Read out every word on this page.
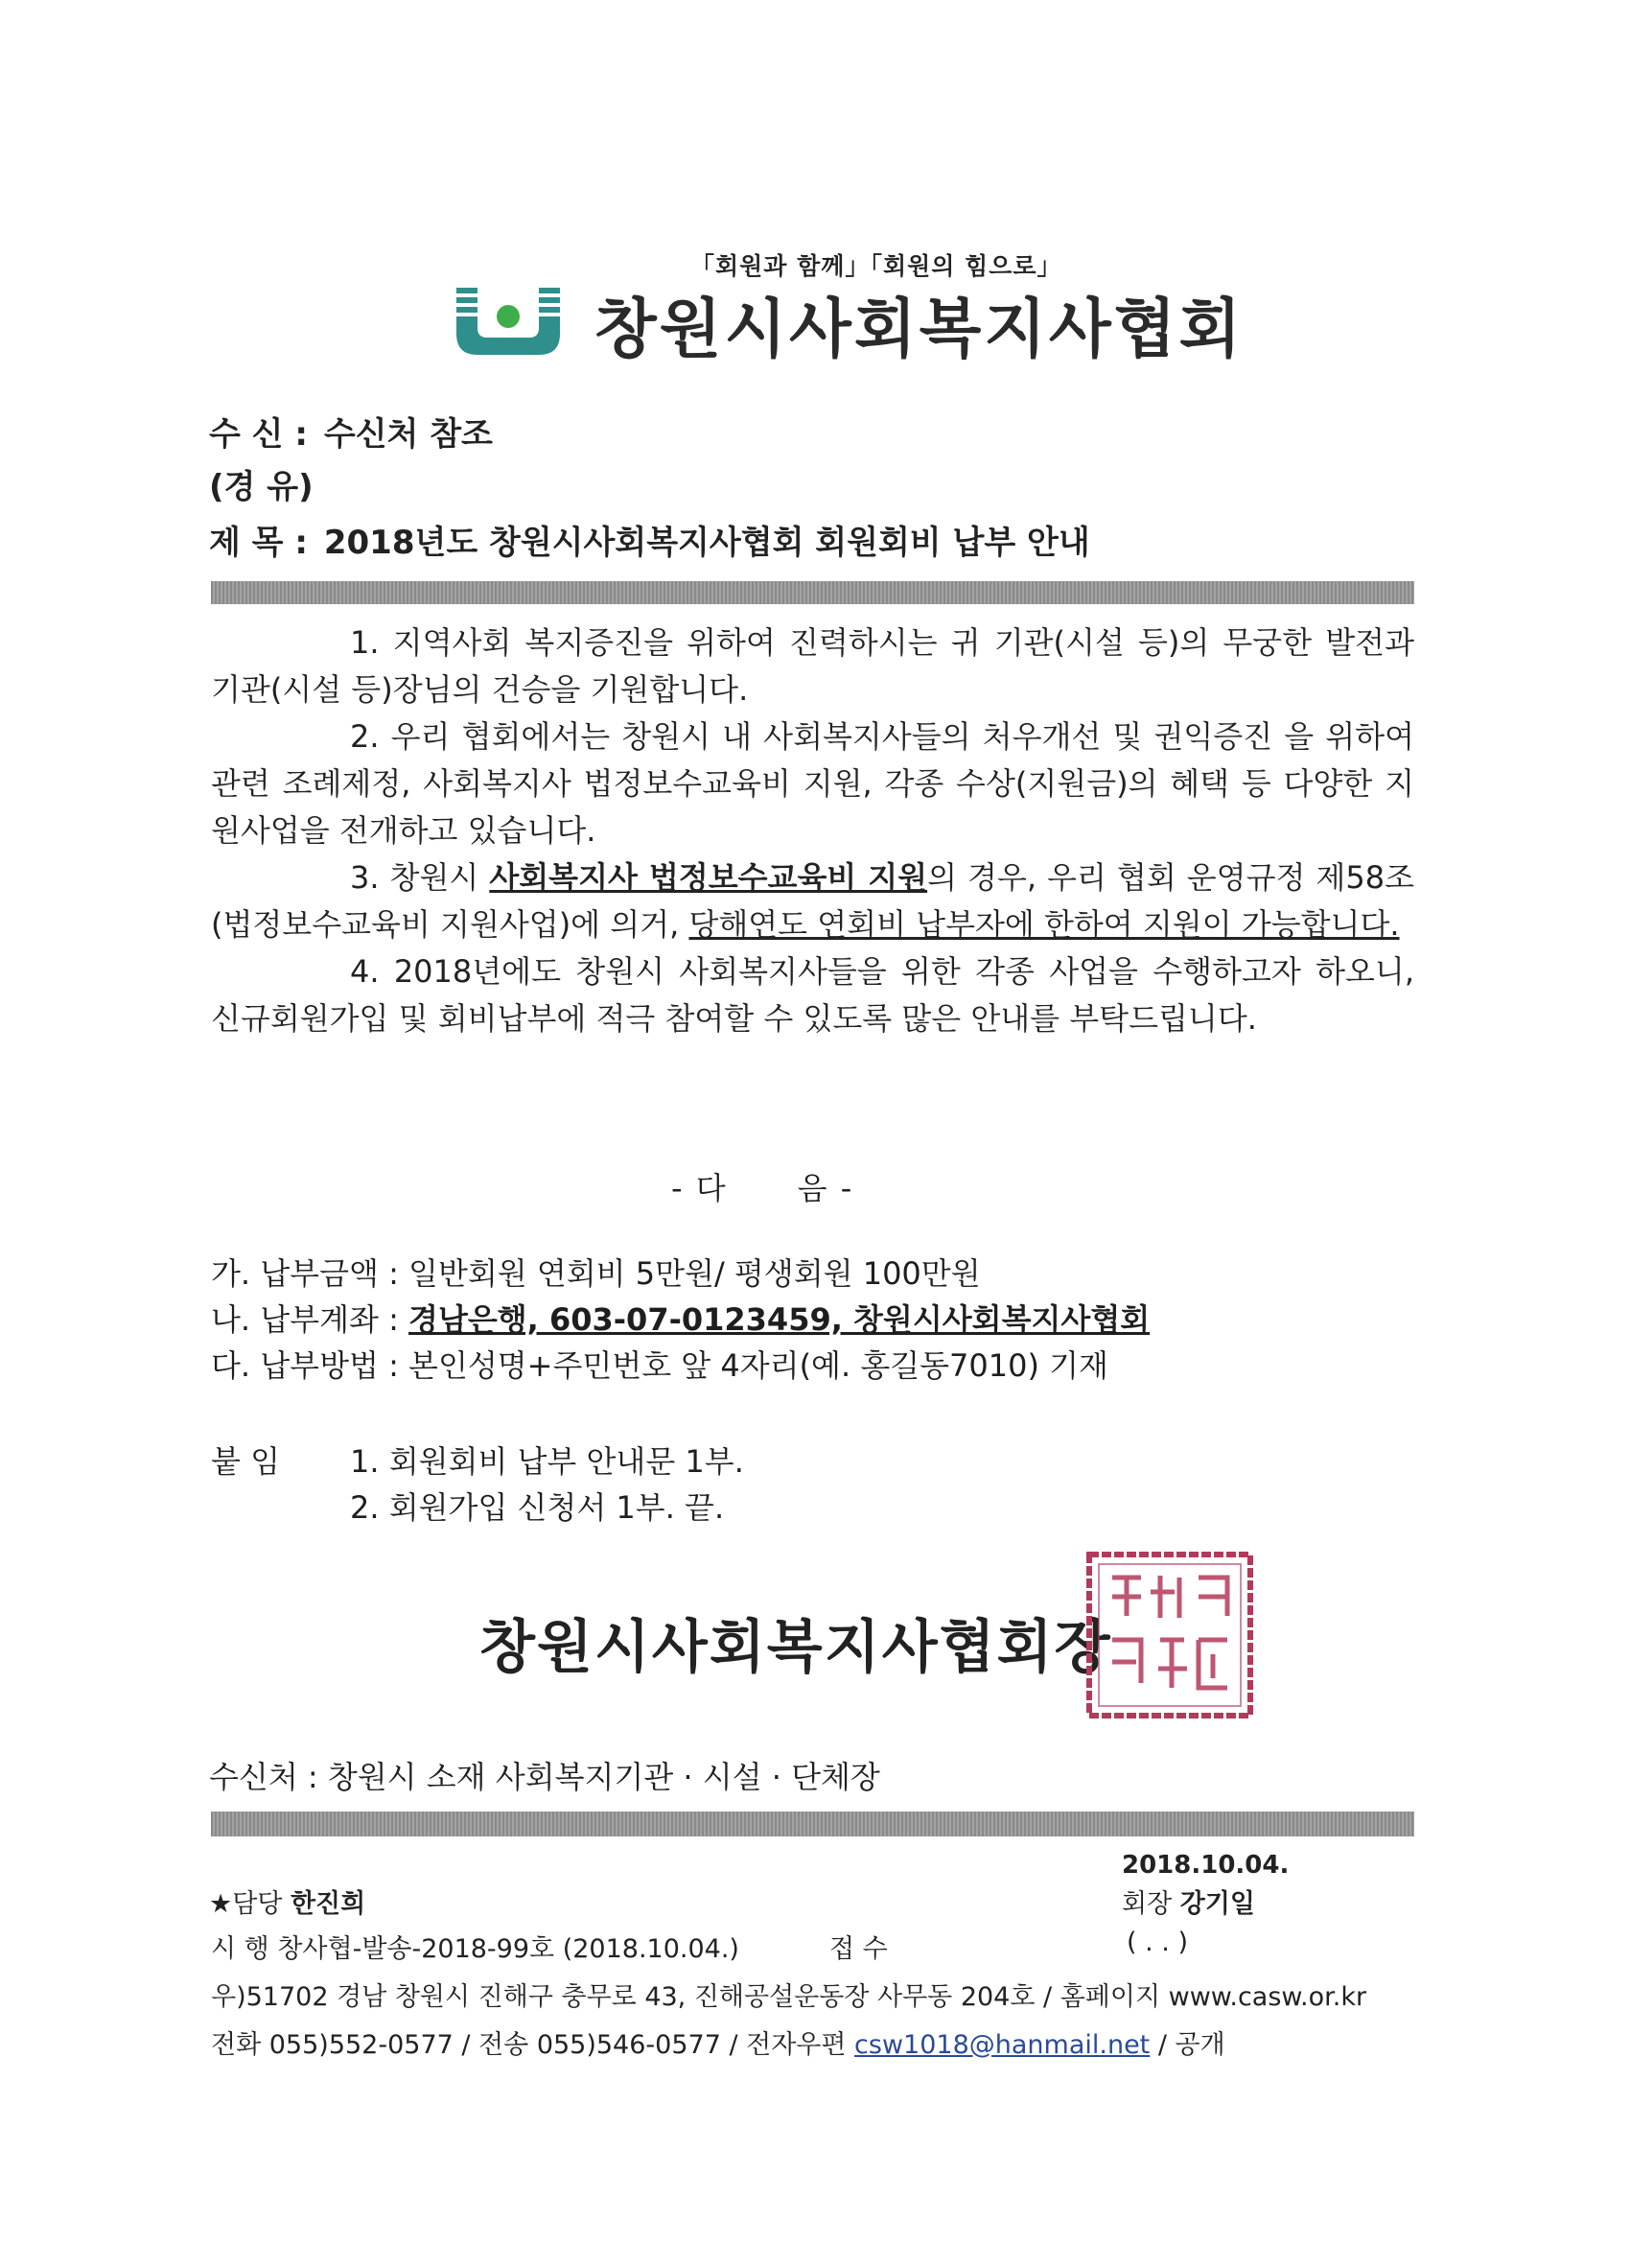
「회원과 함께」「회원의 힘으로」
창원시사회복지사협회
수 신 : 수신처 참조
(경 유)
제 목 : 2018년도 창원시사회복지사협회 회원회비 납부 안내

1. 지역사회 복지증진을 위하여 진력하시는 귀 기관(시설 등)의 무궁한 발전과 기관(시설 등)장님의 건승을 기원합니다.

2. 우리 협회에서는 창원시 내 사회복지사들의 처우개선 및 권익증진 을 위하여 관련 조례제정, 사회복지사 법정보수교육비 지원, 각종 수상(지원금)의 혜택 등 다양한 지원사업을 전개하고 있습니다.

3. 창원시 사회복지사 법정보수교육비 지원의 경우, 우리 협회 운영규정 제58조(법정보수교육비 지원사업)에 의거, 당해연도 연회비 납부자에 한하여 지원이 가능합니다.

4. 2018년에도 창원시 사회복지사들을 위한 각종 사업을 수행하고자 하오니, 신규회원가입 및 회비납부에 적극 참여할 수 있도록 많은 안내를 부탁드립니다.

- 다      음 -
가. 납부금액 : 일반회원 연회비 5만원/ 평생회원 100만원
나. 납부계좌 : 경남은행, 603-07-0123459, 창원시사회복지사협회
다. 납부방법 : 본인성명+주민번호 앞 4자리(예. 홍길동7010) 기재
붙 임 1. 회원회비 납부 안내문 1부.
2. 회원가입 신청서 1부. 끝.
창원시사회복지사협회장
수신처 : 창원시 소재 사회복지기관 · 시설 · 단체장
2018.10.04.
★담당 한진희	회장 강기일
시 행 창사협-발송-2018-99호 (2018.10.04.)	접 수	( . . )
우)51702 경남 창원시 진해구 충무로 43, 진해공설운동장 사무동 204호 / 홈페이지 www.casw.or.kr
전화 055)552-0577 / 전송 055)546-0577 / 전자우편 csw1018@hanmail.net / 공개
